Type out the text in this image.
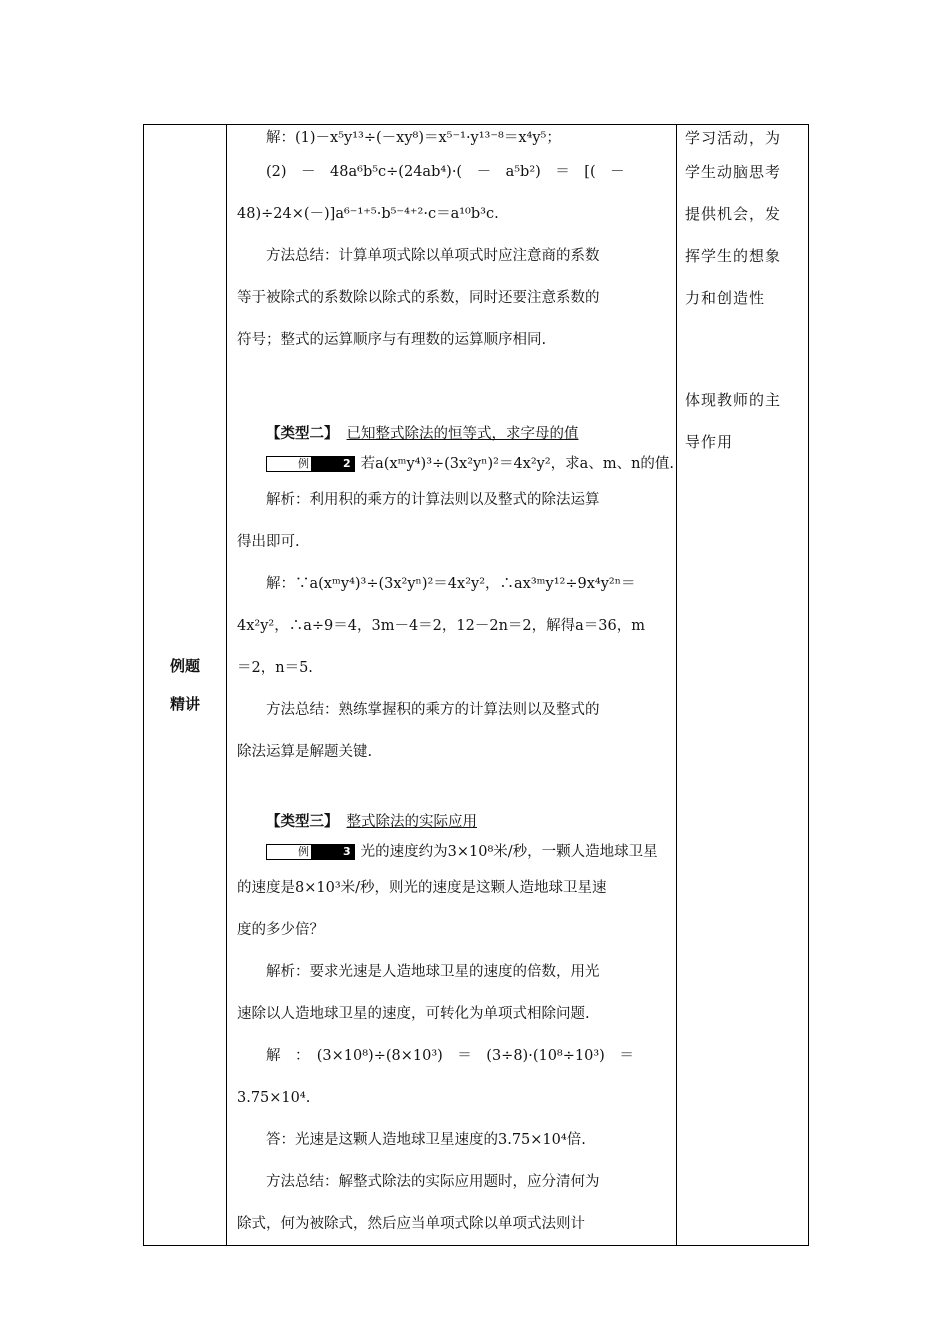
例题
精讲

解：(1)－x⁵y¹³÷(－xy⁸)＝x⁵⁻¹·y¹³⁻⁸＝x⁴y⁵；
(2)　－　48a⁶b⁵c÷(24ab⁴)·(　－　a⁵b²)　＝　[(　－
48)÷24×(－)]a⁶⁻¹⁺⁵·b⁵⁻⁴⁺²·c＝a¹⁰b³c.
方法总结：计算单项式除以单项式时应注意商的系数
等于被除式的系数除以除式的系数，同时还要注意系数的
符号；整式的运算顺序与有理数的运算顺序相同.
【类型二】 已知整式除法的恒等式，求字母的值
例	2 若a(xᵐy⁴)³÷(3x²yⁿ)²＝4x²y²，求a、m、n的值.
解析：利用积的乘方的计算法则以及整式的除法运算
得出即可.
解：∵a(xᵐy⁴)³÷(3x²yⁿ)²＝4x²y²，∴ax³ᵐy¹²÷9x⁴y²ⁿ＝
4x²y²，∴a÷9＝4，3m－4＝2，12－2n＝2，解得a＝36，m
＝2，n＝5.
方法总结：熟练掌握积的乘方的计算法则以及整式的
除法运算是解题关键.
【类型三】 整式除法的实际应用
例	3 光的速度约为3×10⁸米/秒，一颗人造地球卫星
的速度是8×10³米/秒，则光的速度是这颗人造地球卫星速
度的多少倍？
解析：要求光速是人造地球卫星的速度的倍数，用光
速除以人造地球卫星的速度，可转化为单项式相除问题.
解　：　(3×10⁸)÷(8×10³)　＝　(3÷8)·(10⁸÷10³)　＝
3.75×10⁴.
答：光速是这颗人造地球卫星速度的3.75×10⁴倍.
方法总结：解整式除法的实际应用题时，应分清何为
除式，何为被除式，然后应当单项式除以单项式法则计

学习活动，为
学生动脑思考
提供机会，发
挥学生的想象
力和创造性
体现教师的主
导作用
